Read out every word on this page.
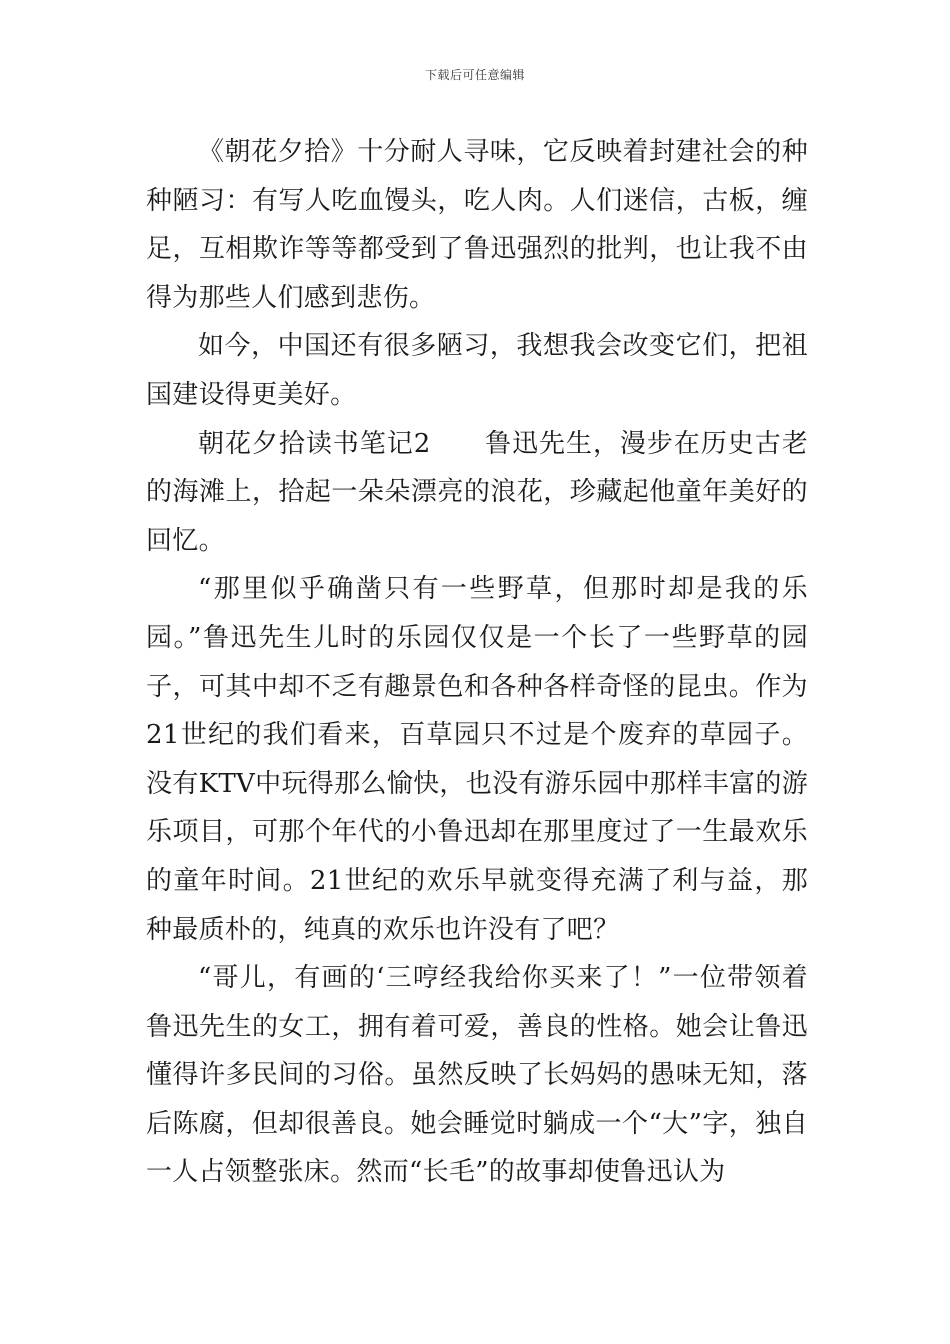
下载后可任意编辑

《朝花夕拾》十分耐人寻味，它反映着封建社会的种种陋习：有写人吃血馒头，吃人肉。人们迷信，古板，缠足，互相欺诈等等都受到了鲁迅强烈的批判，也让我不由得为那些人们感到悲伤。

如今，中国还有很多陋习，我想我会改变它们，把祖国建设得更美好。

朝花夕拾读书笔记2　　鲁迅先生，漫步在历史古老的海滩上，拾起一朵朵漂亮的浪花，珍藏起他童年美好的回忆。

“那里似乎确凿只有一些野草，但那时却是我的乐园。”鲁迅先生儿时的乐园仅仅是一个长了一些野草的园子，可其中却不乏有趣景色和各种各样奇怪的昆虫。作为21世纪的我们看来，百草园只不过是个废弃的草园子。没有KTV中玩得那么愉快，也没有游乐园中那样丰富的游乐项目，可那个年代的小鲁迅却在那里度过了一生最欢乐的童年时间。21世纪的欢乐早就变得充满了利与益，那种最质朴的，纯真的欢乐也许没有了吧？

“哥儿，有画的‘三哼经我给你买来了！”一位带领着鲁迅先生的女工，拥有着可爱，善良的性格。她会让鲁迅懂得许多民间的习俗。虽然反映了长妈妈的愚味无知，落后陈腐，但却很善良。她会睡觉时躺成一个“大”字，独自一人占领整张床。然而“长毛”的故事却使鲁迅认为
